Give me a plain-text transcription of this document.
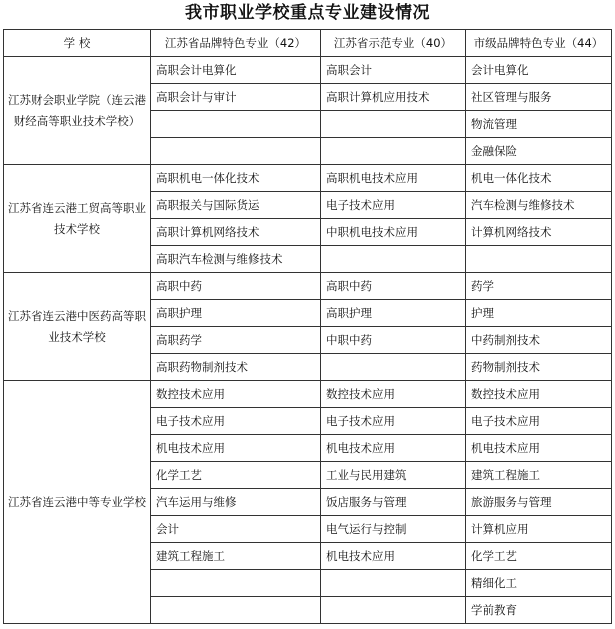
我市职业学校重点专业建设情况
学 校	江苏省品牌特色专业（42）	江苏省示范专业（40）	市级品牌特色专业（44）
江苏财会职业学院（连云港财经高等职业技术学校）	高职会计电算化	高职会计	会计电算化
	高职会计与审计	高职计算机应用技术	社区管理与服务
			物流管理
			金融保险
江苏省连云港工贸高等职业技术学校	高职机电一体化技术	高职机电技术应用	机电一体化技术
	高职报关与国际货运	电子技术应用	汽车检测与维修技术
	高职计算机网络技术	中职机电技术应用	计算机网络技术
	高职汽车检测与维修技术		
江苏省连云港中医药高等职业技术学校	高职中药	高职中药	药学
	高职护理	高职护理	护理
	高职药学	中职中药	中药制剂技术
	高职药物制剂技术		药物制剂技术
江苏省连云港中等专业学校	数控技术应用	数控技术应用	数控技术应用
	电子技术应用	电子技术应用	电子技术应用
	机电技术应用	机电技术应用	机电技术应用
	化学工艺	工业与民用建筑	建筑工程施工
	汽车运用与维修	饭店服务与管理	旅游服务与管理
	会计	电气运行与控制	计算机应用
	建筑工程施工	机电技术应用	化学工艺
			精细化工
			学前教育
